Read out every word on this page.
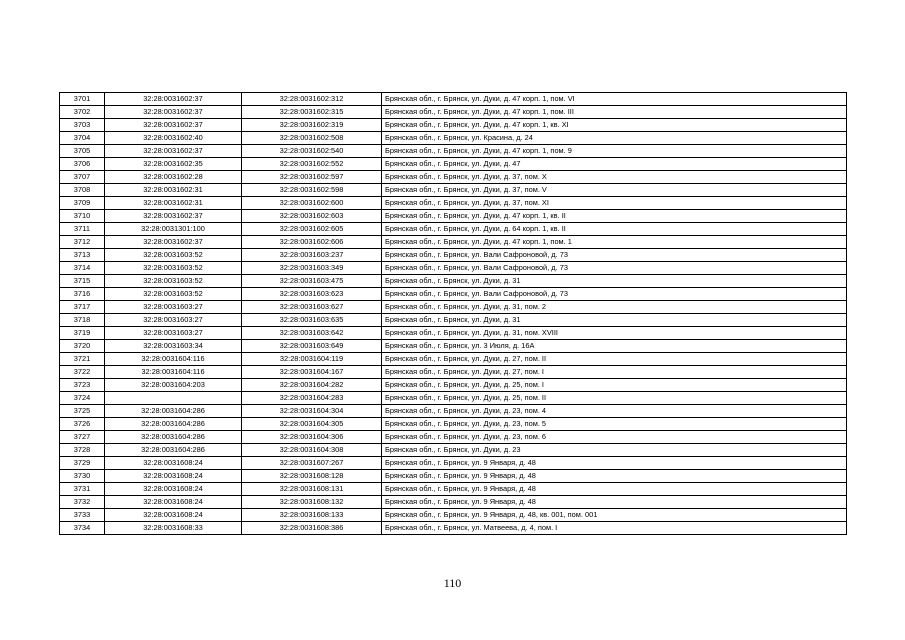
3701	32:28:0031602:37	32:28:0031602:312	Брянская обл., г. Брянск, ул. Дуки, д. 47 корп. 1, пом. VI
3702	32:28:0031602:37	32:28:0031602:315	Брянская обл., г. Брянск, ул. Дуки, д. 47 корп. 1, пом. III
3703	32:28:0031602:37	32:28:0031602:319	Брянская обл., г. Брянск, ул. Дуки, д. 47 корп. 1, кв. XI
3704	32:28:0031602:40	32:28:0031602:508	Брянская обл., г. Брянск, ул. Красина, д. 24
3705	32:28:0031602:37	32:28:0031602:540	Брянская обл., г. Брянск, ул. Дуки, д. 47 корп. 1, пом. 9
3706	32:28:0031602:35	32:28:0031602:552	Брянская обл., г. Брянск, ул. Дуки, д. 47
3707	32:28:0031602:28	32:28:0031602:597	Брянская обл., г. Брянск, ул. Дуки, д. 37, пом. X
3708	32:28:0031602:31	32:28:0031602:598	Брянская обл., г. Брянск, ул. Дуки, д. 37, пом. V
3709	32:28:0031602:31	32:28:0031602:600	Брянская обл., г. Брянск, ул. Дуки, д. 37, пом. XI
3710	32:28:0031602:37	32:28:0031602:603	Брянская обл., г. Брянск, ул. Дуки, д. 47 корп. 1, кв. II
3711	32:28:0031301:100	32:28:0031602:605	Брянская обл., г. Брянск, ул. Дуки, д. 64 корп. 1, кв. II
3712	32:28:0031602:37	32:28:0031602:606	Брянская обл., г. Брянск, ул. Дуки, д. 47 корп. 1, пом. 1
3713	32:28:0031603:52	32:28:0031603:237	Брянская обл., г. Брянск, ул. Вали Сафроновой, д. 73
3714	32:28:0031603:52	32:28:0031603:349	Брянская обл., г. Брянск, ул. Вали Сафроновой, д. 73
3715	32:28:0031603:52	32:28:0031603:475	Брянская обл., г. Брянск, ул. Дуки, д. 31
3716	32:28:0031603:52	32:28:0031603:623	Брянская обл., г. Брянск, ул. Вали Сафроновой, д. 73
3717	32:28:0031603:27	32:28:0031603:627	Брянская обл., г. Брянск, ул. Дуки, д. 31, пом. 2
3718	32:28:0031603:27	32:28:0031603:635	Брянская обл., г. Брянск, ул. Дуки, д. 31
3719	32:28:0031603:27	32:28:0031603:642	Брянская обл., г. Брянск, ул. Дуки, д. 31, пом. XVIII
3720	32:28:0031603:34	32:28:0031603:649	Брянская обл., г. Брянск, ул. 3 Июля, д. 16А
3721	32:28:0031604:116	32:28:0031604:119	Брянская обл., г. Брянск, ул. Дуки, д. 27, пом. II
3722	32:28:0031604:116	32:28:0031604:167	Брянская обл., г. Брянск, ул. Дуки, д. 27, пом. I
3723	32:28:0031604:203	32:28:0031604:282	Брянская обл., г. Брянск, ул. Дуки, д. 25, пом. I
3724		32:28:0031604:283	Брянская обл., г. Брянск, ул. Дуки, д. 25, пом. II
3725	32:28:0031604:286	32:28:0031604:304	Брянская обл., г. Брянск, ул. Дуки, д. 23, пом. 4
3726	32:28:0031604:286	32:28:0031604:305	Брянская обл., г. Брянск, ул. Дуки, д. 23, пом. 5
3727	32:28:0031604:286	32:28:0031604:306	Брянская обл., г. Брянск, ул. Дуки, д. 23, пом. 6
3728	32:28:0031604:286	32:28:0031604:308	Брянская обл., г. Брянск, ул. Дуки, д. 23
3729	32:28:0031608:24	32:28:0031607:267	Брянская обл., г. Брянск, ул. 9 Января, д. 48
3730	32:28:0031608:24	32:28:0031608:128	Брянская обл., г. Брянск, ул. 9 Января, д. 48
3731	32:28:0031608:24	32:28:0031608:131	Брянская обл., г. Брянск, ул. 9 Января, д. 48
3732	32:28:0031608:24	32:28:0031608:132	Брянская обл., г. Брянск, ул. 9 Января, д. 48
3733	32:28:0031608:24	32:28:0031608:133	Брянская обл., г. Брянск, ул. 9 Января, д. 48, кв. 001, пом. 001
3734	32:28:0031608:33	32:28:0031608:386	Брянская обл., г. Брянск, ул. Матвеева, д. 4, пом. I
110
